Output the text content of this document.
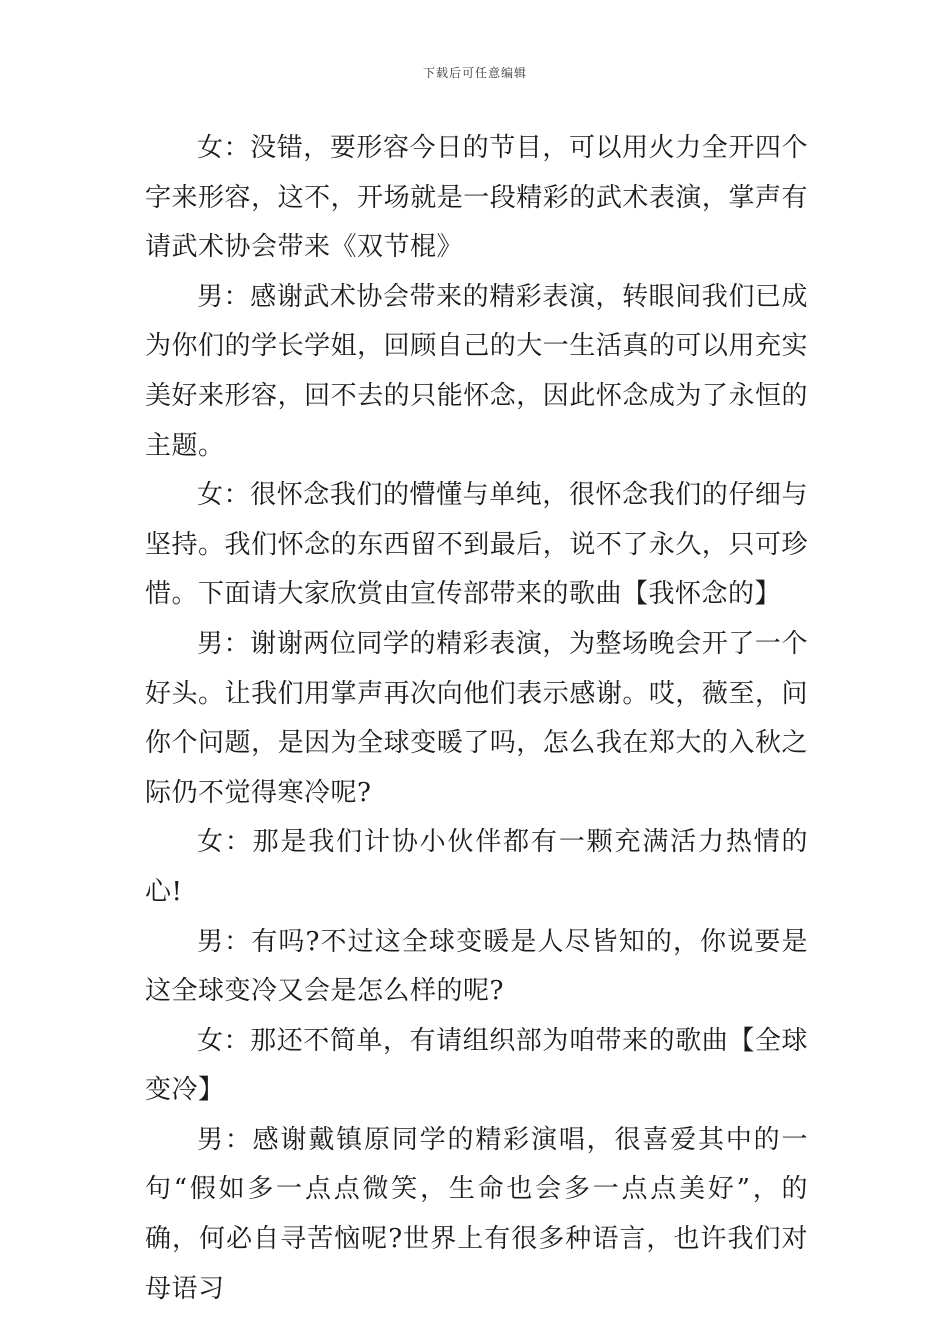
下载后可任意编辑

女：没错，要形容今日的节目，可以用火力全开四个字来形容，这不，开场就是一段精彩的武术表演，掌声有请武术协会带来《双节棍》

男：感谢武术协会带来的精彩表演，转眼间我们已成为你们的学长学姐，回顾自己的大一生活真的可以用充实美好来形容，回不去的只能怀念，因此怀念成为了永恒的主题。

女：很怀念我们的懵懂与单纯，很怀念我们的仔细与坚持。我们怀念的东西留不到最后，说不了永久，只可珍惜。下面请大家欣赏由宣传部带来的歌曲【我怀念的】

男：谢谢两位同学的精彩表演，为整场晚会开了一个好头。让我们用掌声再次向他们表示感谢。哎，薇至，问你个问题，是因为全球变暖了吗，怎么我在郑大的入秋之际仍不觉得寒冷呢?

女：那是我们计协小伙伴都有一颗充满活力热情的心!

男：有吗?不过这全球变暖是人尽皆知的，你说要是这全球变冷又会是怎么样的呢?

女：那还不简单，有请组织部为咱带来的歌曲【全球变冷】

男：感谢戴镇原同学的精彩演唱，很喜爱其中的一句“假如多一点点微笑，生命也会多一点点美好”，的确，何必自寻苦恼呢?世界上有很多种语言，也许我们对母语习
